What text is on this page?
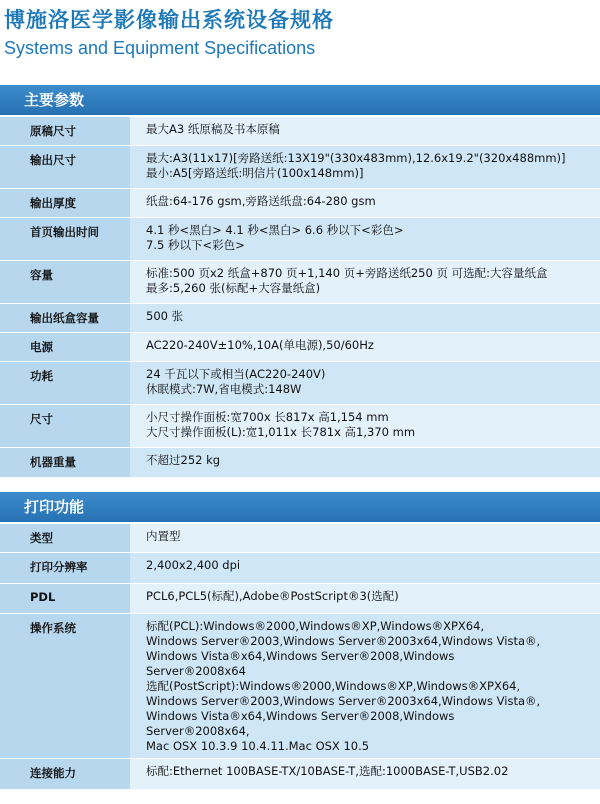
博施洛医学影像输出系统设备规格
Systems and Equipment Specifications
主要参数
原稿尺寸	最大A3 纸原稿及书本原稿
输出尺寸	最大:A3(11x17)[旁路送纸:13X19"(330x483mm),12.6x19.2"(320x488mm)]
最小:A5[旁路送纸:明信片(100x148mm)]
输出厚度	纸盘:64-176 gsm,旁路送纸盘:64-280 gsm
首页输出时间	4.1 秒<黑白> 4.1 秒<黑白> 6.6 秒以下<彩色>
7.5 秒以下<彩色>
容量	标准:500 页x2 纸盒+870 页+1,140 页+旁路送纸250 页 可选配:大容量纸盒
最多:5,260 张(标配+大容量纸盒)
输出纸盒容量	500 张
电源	AC220-240V±10%,10A(单电源),50/60Hz
功耗	24 千瓦以下或相当(AC220-240V)
休眠模式:7W,省电模式:148W
尺寸	小尺寸操作面板:宽700x 长817x 高1,154 mm
大尺寸操作面板(L):宽1,011x 长781x 高1,370 mm
机器重量	不超过252 kg
打印功能
类型	内置型
打印分辨率	2,400x2,400 dpi
PDL	PCL6,PCL5(标配),Adobe®PostScript®3(选配)
操作系统	标配(PCL):Windows®2000,Windows®XP,Windows®XPX64,
Windows Server®2003,Windows Server®2003x64,Windows Vista®,
Windows Vista®x64,Windows Server®2008,Windows
Server®2008x64
选配(PostScript):Windows®2000,Windows®XP,Windows®XPX64,
Windows Server®2003,Windows Server®2003x64,Windows Vista®,
Windows Vista®x64,Windows Server®2008,Windows
Server®2008x64,
Mac OSX 10.3.9 10.4.11.Mac OSX 10.5
连接能力	标配:Ethernet 100BASE-TX/10BASE-T,选配:1000BASE-T,USB2.02
